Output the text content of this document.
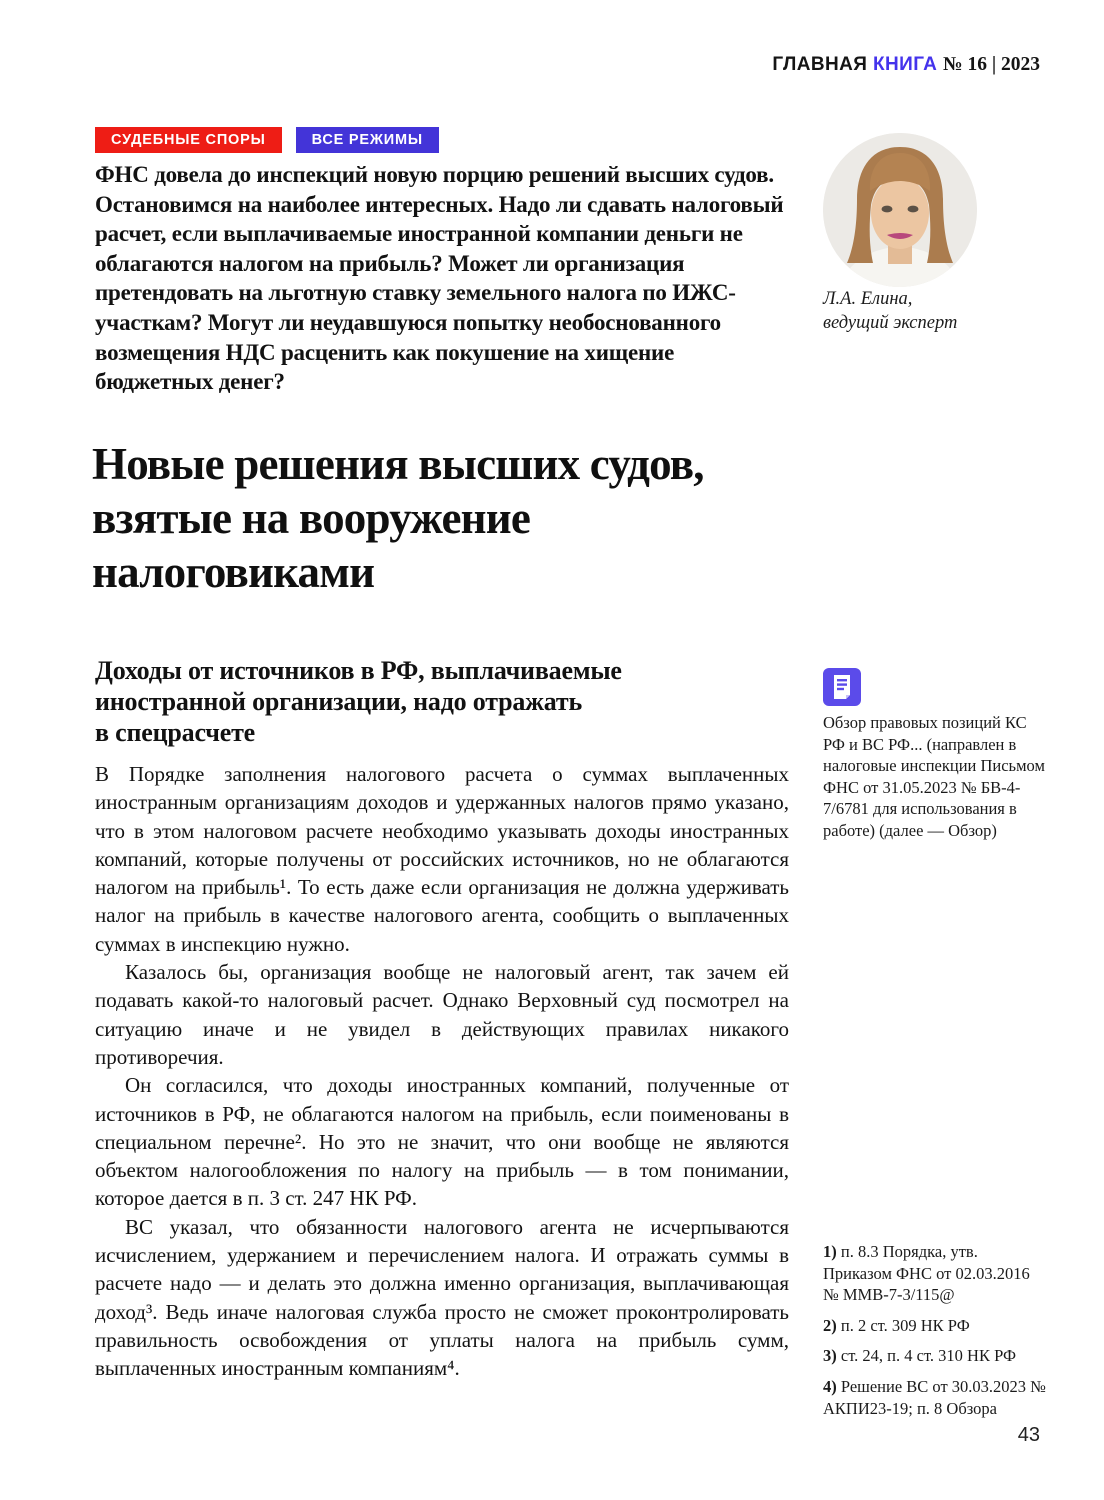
ГЛАВНАЯ КНИГА № 16 | 2023
СУДЕБНЫЕ СПОРЫ	ВСЕ РЕЖИМЫ
ФНС довела до инспекций новую порцию решений высших судов. Остановимся на наиболее интересных. Надо ли сдавать налоговый расчет, если выплачиваемые иностранной компании деньги не облагаются налогом на прибыль? Может ли организация претендовать на льготную ставку земельного налога по ИЖС-участкам? Могут ли неудавшуюся попытку необоснованного возмещения НДС расценить как покушение на хищение бюджетных денег?
Л.А. Елина,
ведущий эксперт
Новые решения высших судов,
взятые на вооружение
налоговиками
Доходы от источников в РФ, выплачиваемые
иностранной организации, надо отражать
в спецрасчете

В Порядке заполнения налогового расчета о суммах выплаченных иностранным организациям доходов и удержанных налогов прямо указано, что в этом налоговом расчете необходимо указывать доходы иностранных компаний, которые получены от российских источников, но не облагаются налогом на прибыль¹. То есть даже если организация не должна удерживать налог на прибыль в качестве налогового агента, сообщить о выплаченных суммах в инспекцию нужно.

Казалось бы, организация вообще не налоговый агент, так зачем ей подавать какой-то налоговый расчет. Однако Верховный суд посмотрел на ситуацию иначе и не увидел в действующих правилах никакого противоречия.

Он согласился, что доходы иностранных компаний, полученные от источников в РФ, не облагаются налогом на прибыль, если поименованы в специальном перечне². Но это не значит, что они вообще не являются объектом налогообложения по налогу на прибыль — в том понимании, которое дается в п. 3 ст. 247 НК РФ.

ВС указал, что обязанности налогового агента не исчерпываются исчислением, удержанием и перечислением налога. И отражать суммы в расчете надо — и делать это должна именно организация, выплачивающая доход³. Ведь иначе налоговая служба просто не сможет проконтролировать правильность освобождения от уплаты налога на прибыль сумм, выплаченных иностранным компаниям⁴.

Обзор правовых позиций КС РФ и ВС РФ... (направлен в налоговые инспекции Письмом ФНС от 31.05.2023 № БВ-4-7/6781 для использования в работе) (далее — Обзор)
1) п. 8.3 Порядка, утв. Приказом ФНС от 02.03.2016 № ММВ-7-3/115@
2) п. 2 ст. 309 НК РФ
3) ст. 24, п. 4 ст. 310 НК РФ
4) Решение ВС от 30.03.2023 № АКПИ23-19; п. 8 Обзора
43
